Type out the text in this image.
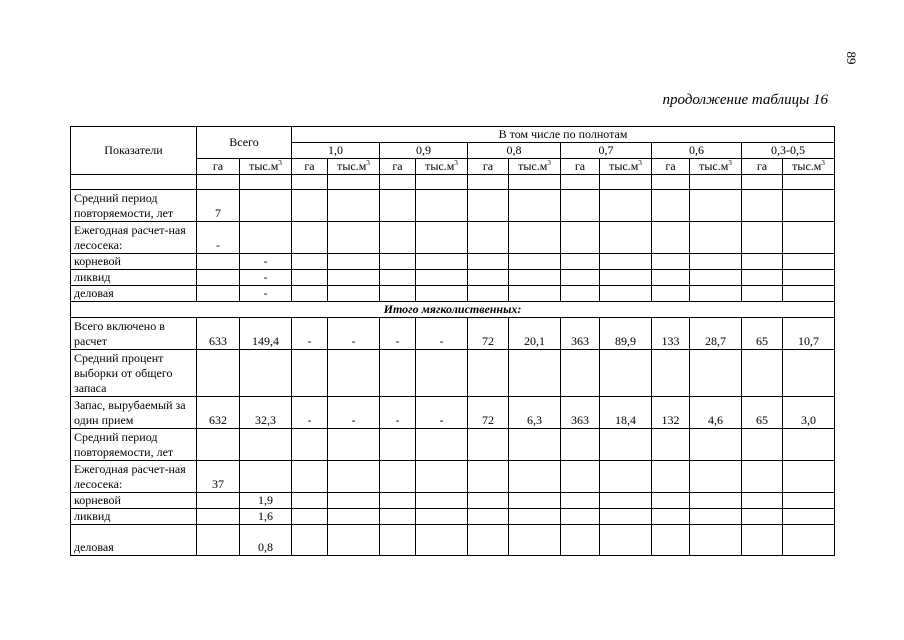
89
продолжение таблицы 16
Показатели	Всего		В том числе по полнотам											
			1,0		0,9		0,8		0,7		0,6		0,3-0,5	
	га	$тыс.м^3$	га	$тыс.м^3$	га	$тыс.м^3$	га	$тыс.м^3$	га	$тыс.м^3$	га	$тыс.м^3$	га	$тыс.м^3$

Средний период повторяемости, лет	7													
Ежегодная расчет-ная лесосека:	-													
корневой		-												
ликвид		-												
деловая		-												
Итого мягколиственных:														
Всего включено в расчет	633	149,4	-	-	-	-	72	20,1	363	89,9	133	28,7	65	10,7
Средний процент выборки от общего запаса														
Запас, вырубаемый за один прием	632	32,3	-	-	-	-	72	6,3	363	18,4	132	4,6	65	3,0
Средний период повторяемости, лет														
Ежегодная расчет-ная лесосека:	37													
корневой		1,9												
ликвид		1,6												
деловая		0,8												
